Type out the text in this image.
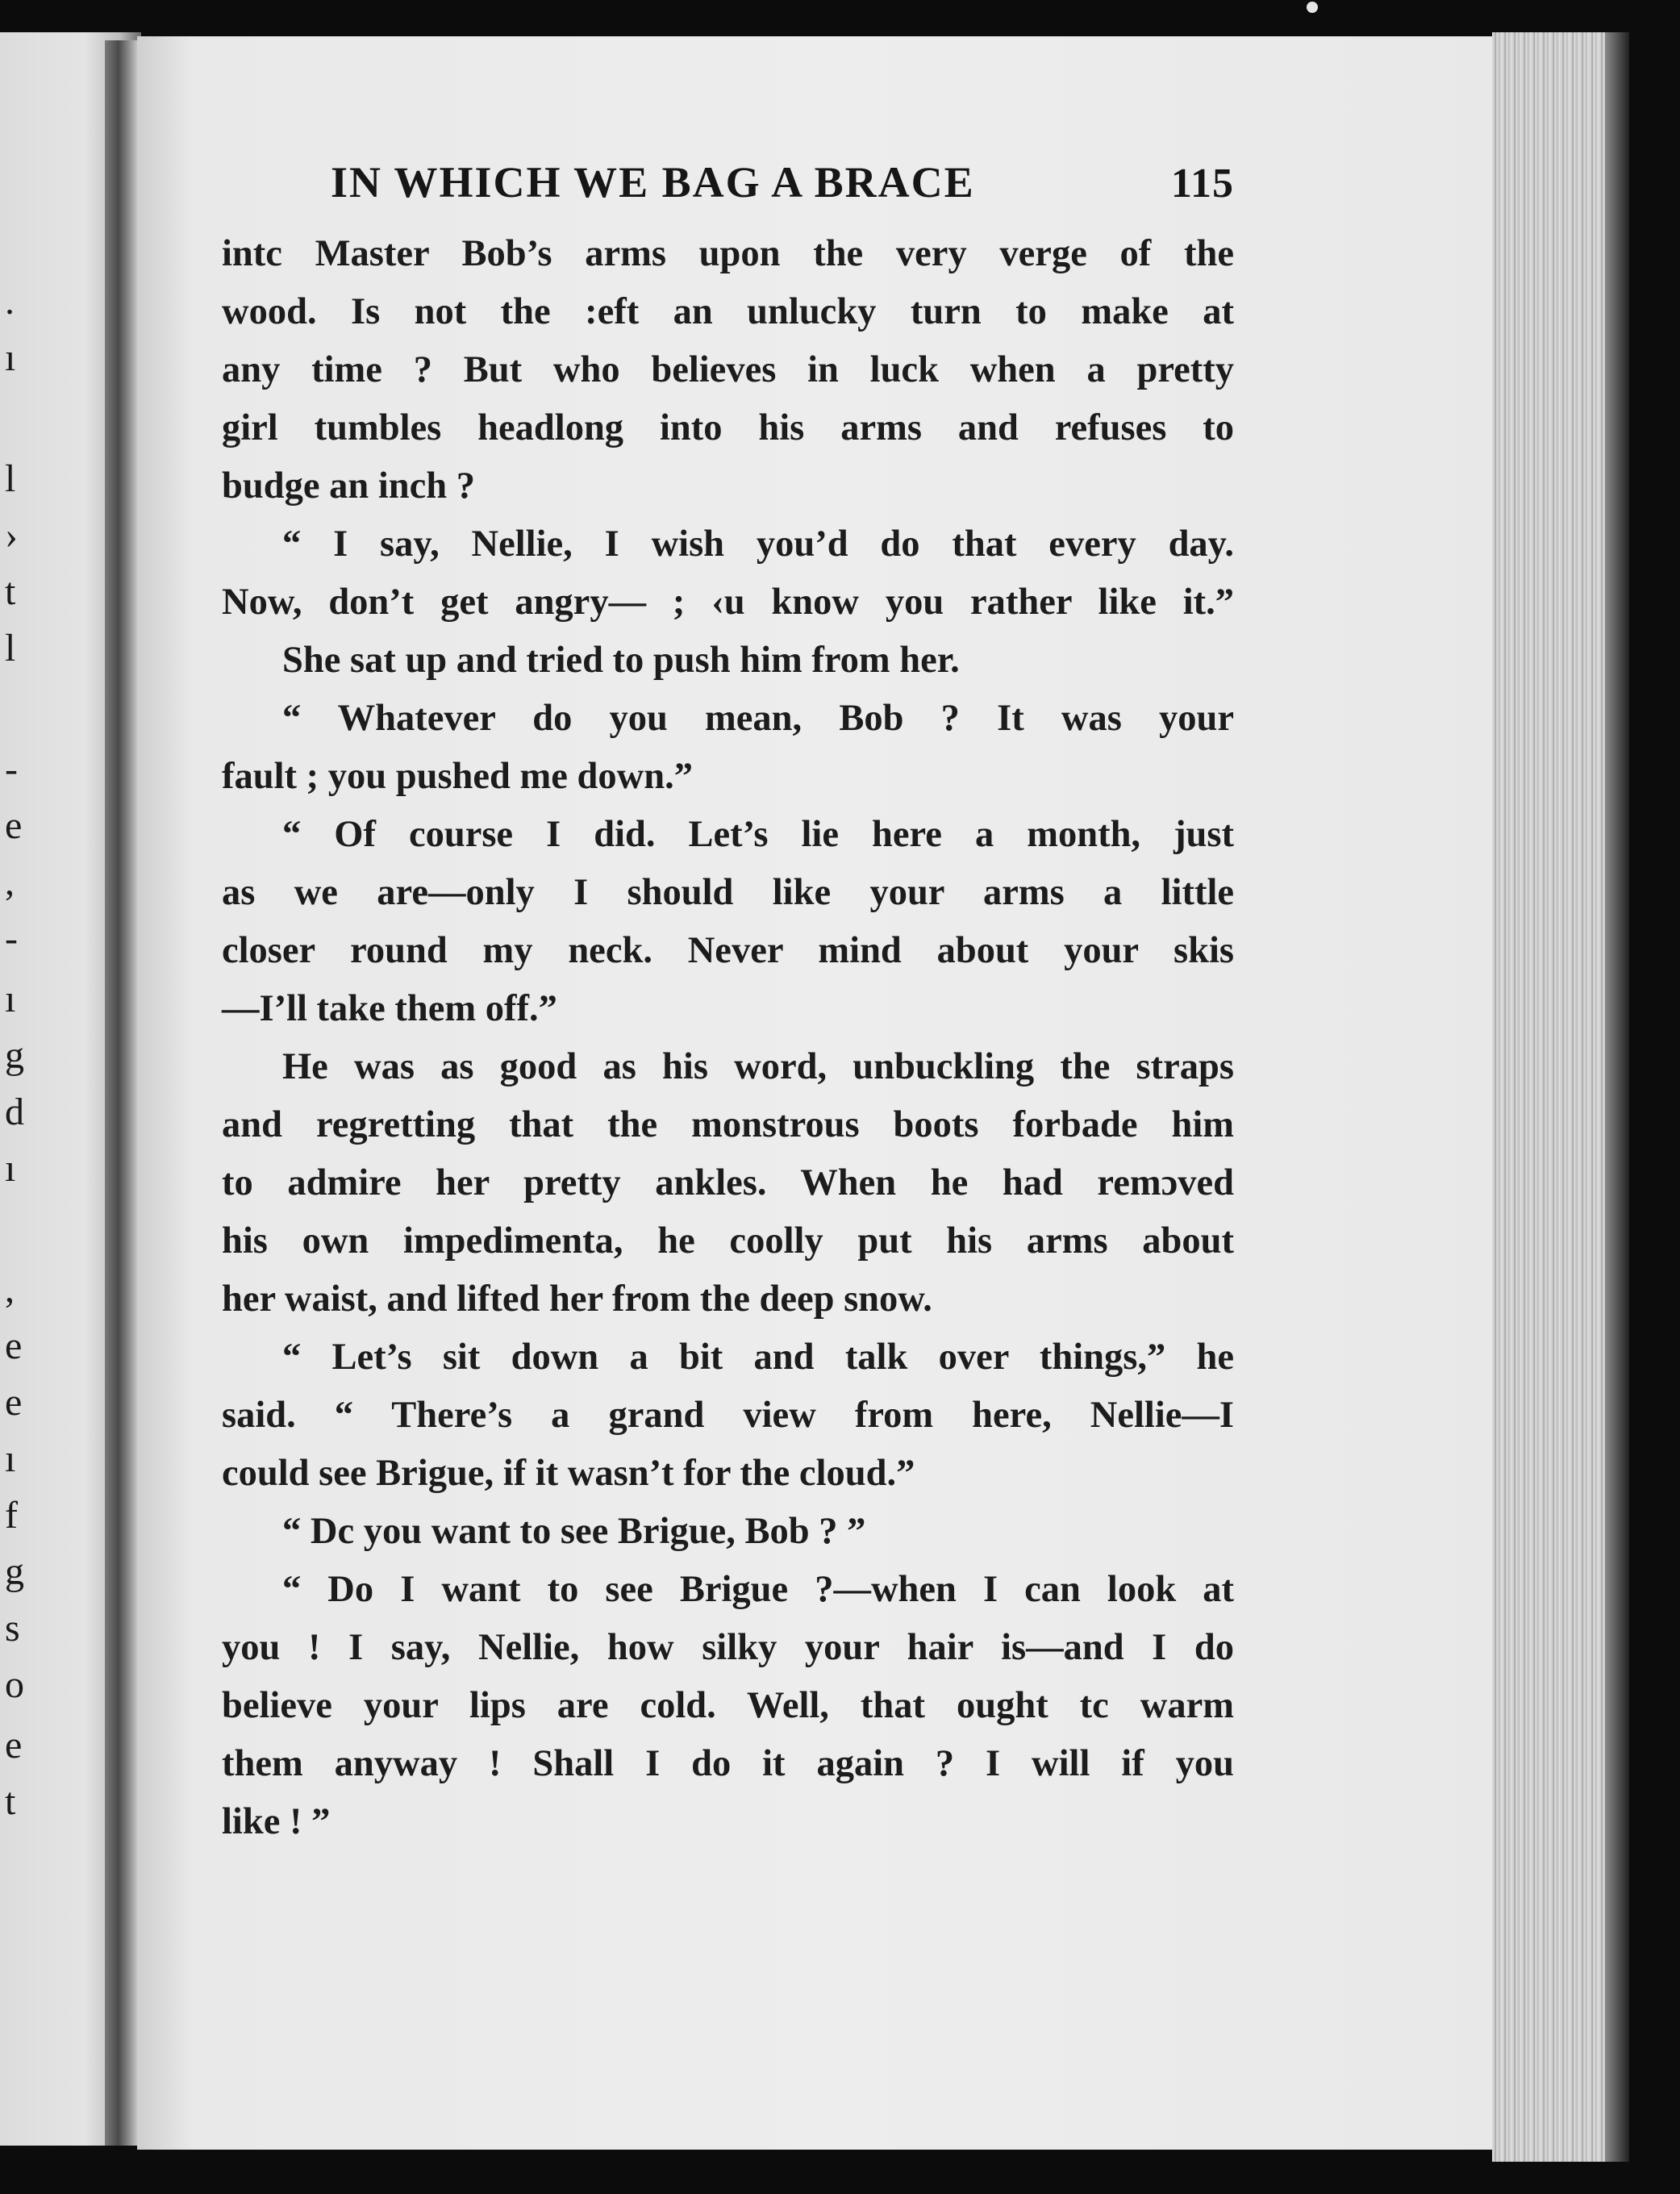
.
ı
l
›
t
l
-
e
,
-
ı
g
d
ı
,
e
e
ı
f
g
s
o
e
t
IN WHICH WE BAG A BRACE	115
intc Master Bob’s arms upon the very verge of the
wood. Is not the :eft an unlucky turn to make at
any time ? But who believes in luck when a pretty
girl tumbles headlong into his arms and refuses to
budge an inch ?
“ I say, Nellie, I wish you’d do that every day.
Now, don’t get angry— ; ‹u know you rather like it.”
She sat up and tried to push him from her.
“ Whatever do you mean, Bob ? It was your
fault ; you pushed me down.”
“ Of course I did. Let’s lie here a month, just
as we are—only I should like your arms a little
closer round my neck. Never mind about your skis
—I’ll take them off.”
He was as good as his word, unbuckling the straps
and regretting that the monstrous boots forbade him
to admire her pretty ankles. When he had remɔved
his own impedimenta, he coolly put his arms about
her waist, and lifted her from the deep snow.
“ Let’s sit down a bit and talk over things,” he
said. “ There’s a grand view from here, Nellie—I
could see Brigue, if it wasn’t for the cloud.”
“ Dc you want to see Brigue, Bob ? ”
“ Do I want to see Brigue ?—when I can look at
you ! I say, Nellie, how silky your hair is—and I do
believe your lips are cold. Well, that ought tc warm
them anyway ! Shall I do it again ? I will if you
like ! ”
